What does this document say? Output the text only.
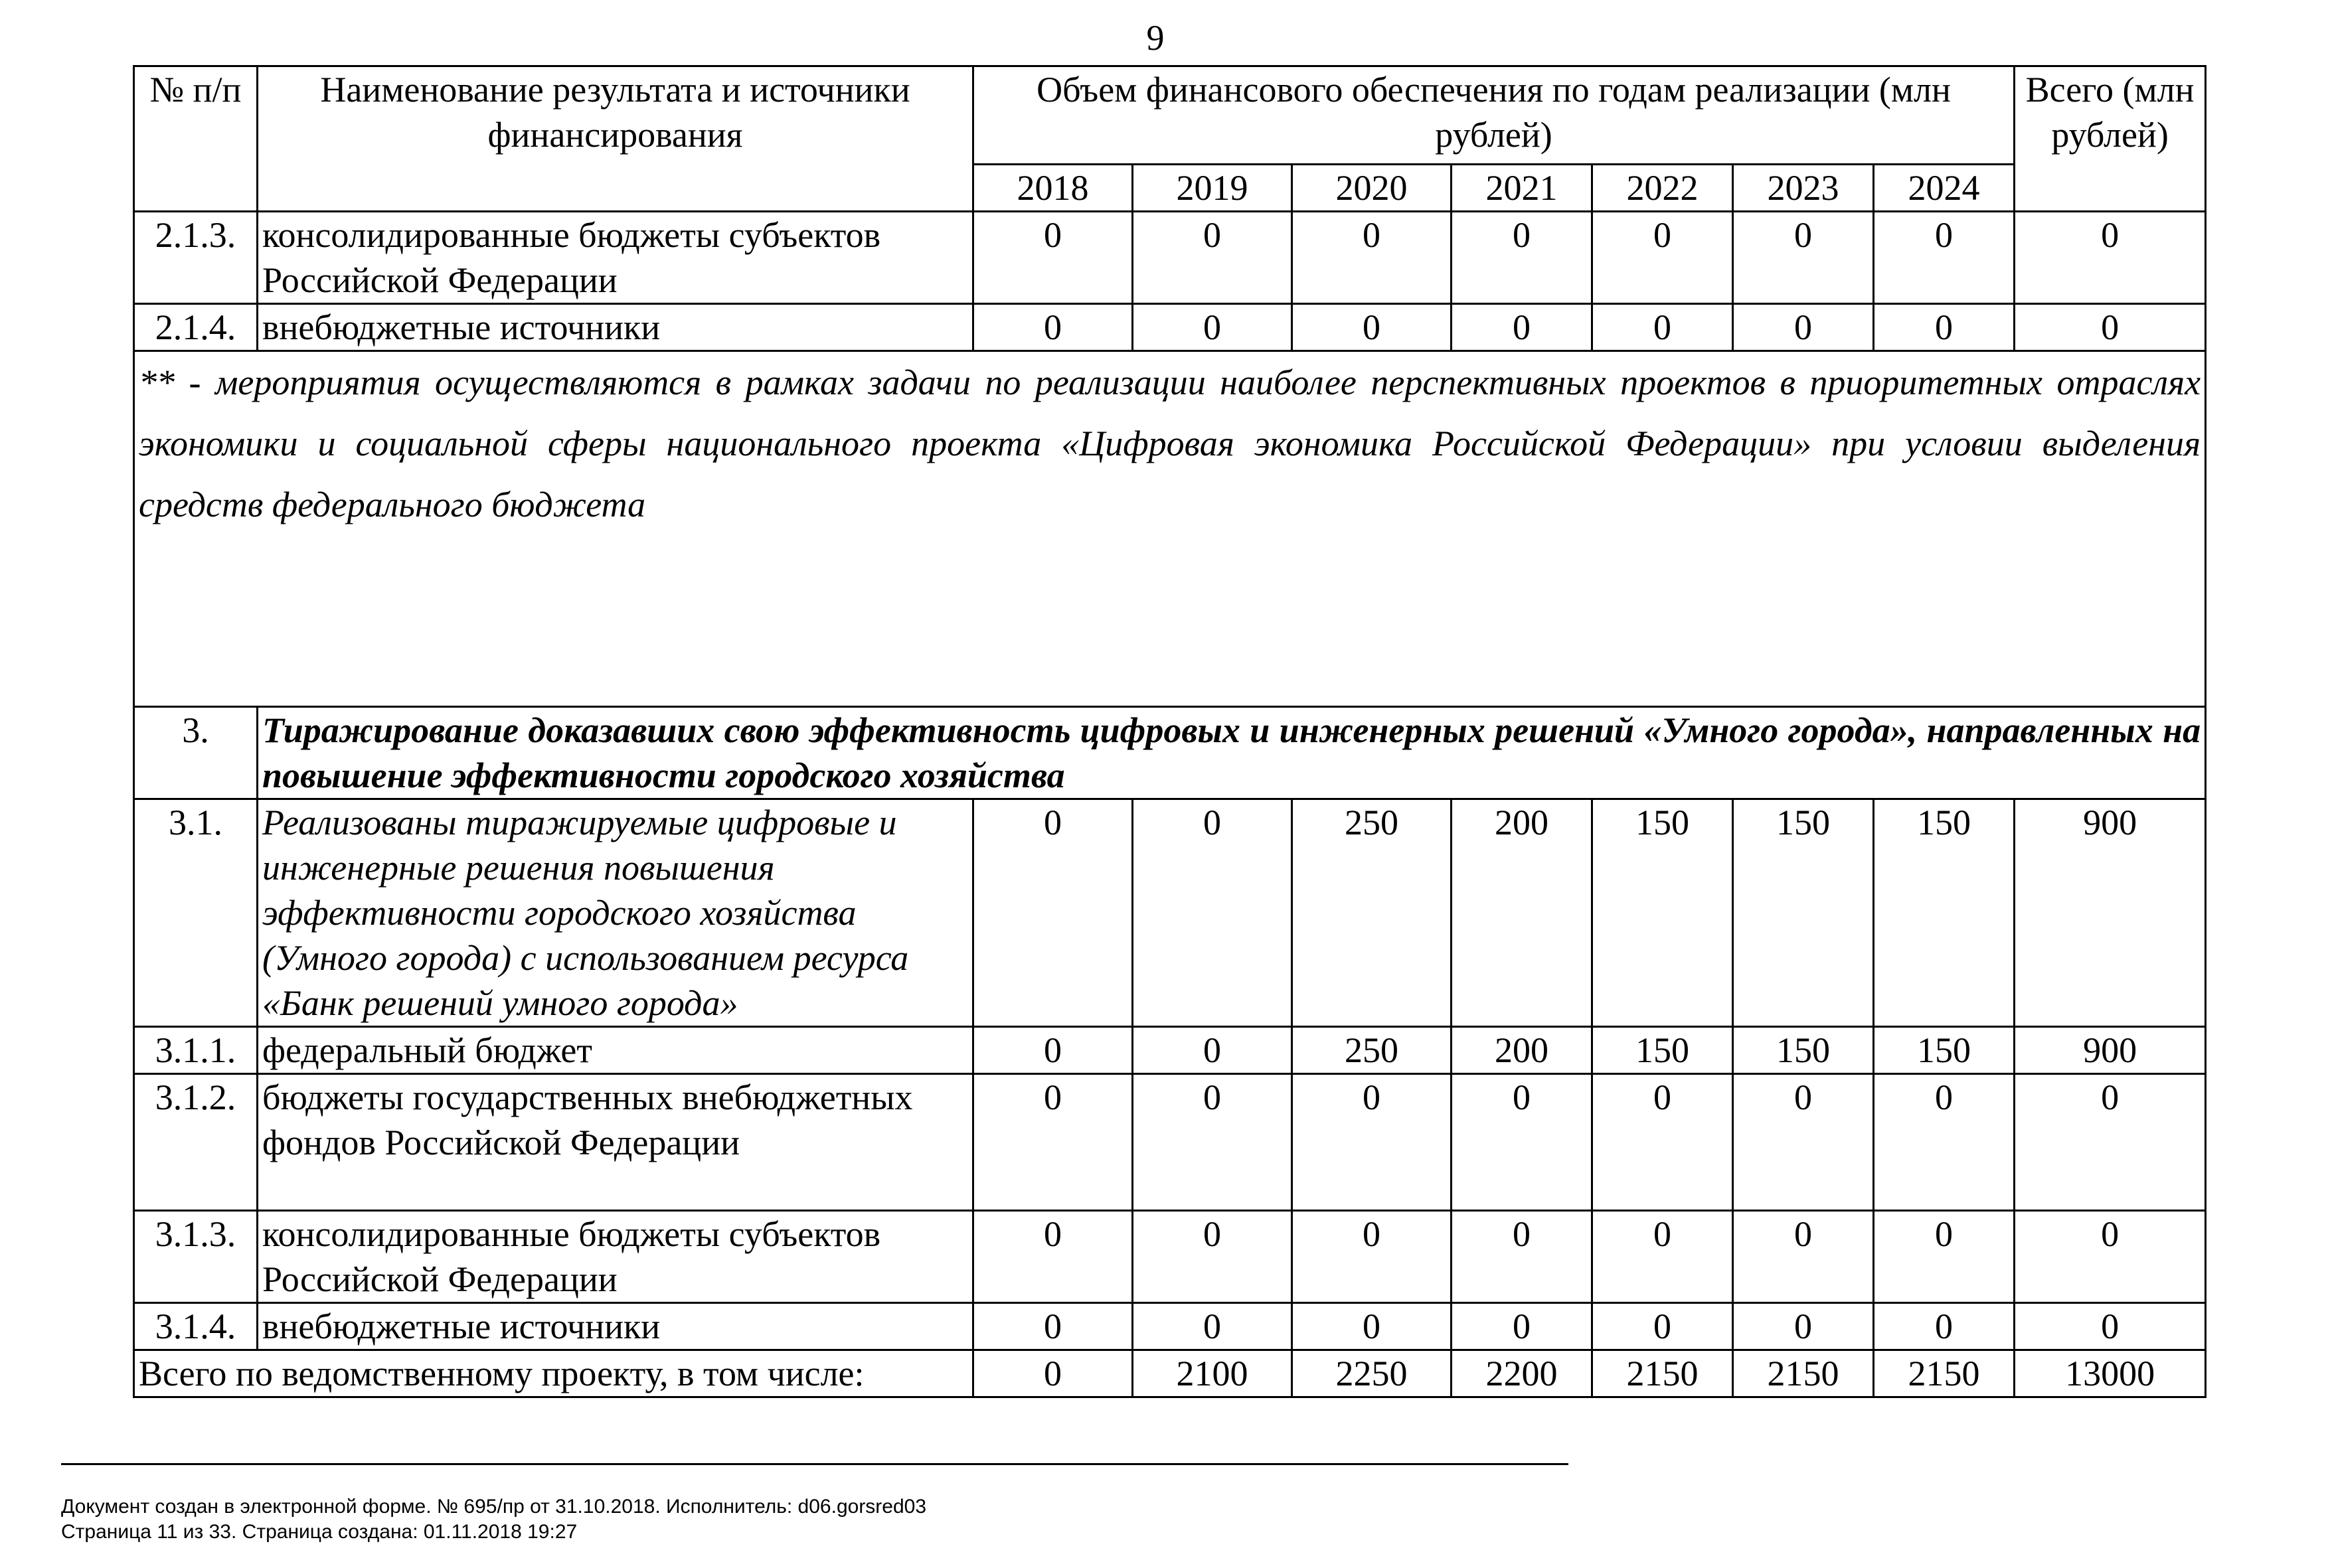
9
№ п/п	Наименование результата и источники финансирования	Объем финансового обеспечения по годам реализации (млн рублей)							Всего (млн рублей)
		2018	2019	2020	2021	2022	2023	2024	
2.1.3.	консолидированные бюджеты субъектов Российской Федерации	0	0	0	0	0	0	0	0
2.1.4.	внебюджетные источники	0	0	0	0	0	0	0	0
** - мероприятия осуществляются в рамках задачи по реализации наиболее перспективных проектов в приоритетных отраслях экономики и социальной сферы национального проекта «Цифровая экономика Российской Федерации» при условии выделения средств федерального бюджета									
3.	Тиражирование доказавших свою эффективность цифровых и инженерных решений «Умного города», направленных на повышение эффективности городского хозяйства								
3.1.	Реализованы тиражируемые цифровые и инженерные решения повышения эффективности городского хозяйства (Умного города) с использованием ресурса «Банк решений умного города»	0	0	250	200	150	150	150	900
3.1.1.	федеральный бюджет	0	0	250	200	150	150	150	900
3.1.2.	бюджеты государственных внебюджетных фондов Российской Федерации	0	0	0	0	0	0	0	0
3.1.3.	консолидированные бюджеты субъектов Российской Федерации	0	0	0	0	0	0	0	0
3.1.4.	внебюджетные источники	0	0	0	0	0	0	0	0
Всего по ведомственному проекту, в том числе:		0	2100	2250	2200	2150	2150	2150	13000
Документ создан в электронной форме. № 695/пр от 31.10.2018. Исполнитель: d06.gorsred03
Страница 11 из 33. Страница создана: 01.11.2018 19:27
